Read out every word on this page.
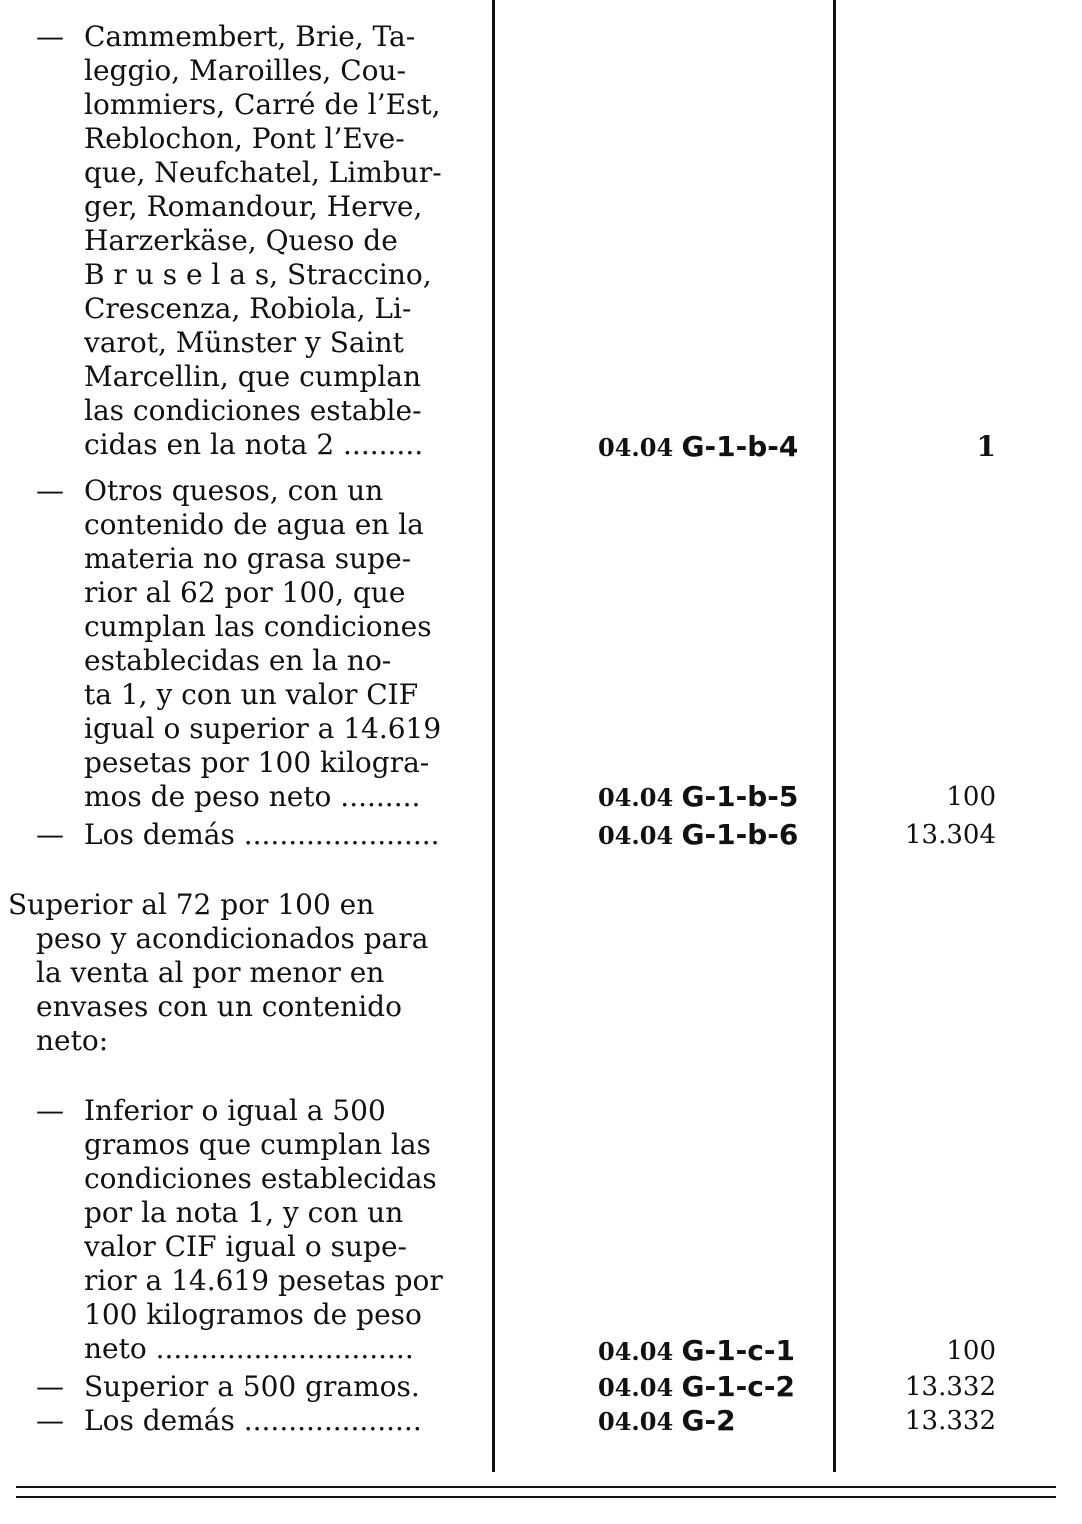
— Cammembert, Brie, Ta-
leggio, Maroilles, Cou-
lommiers, Carré de l’Est,
Reblochon, Pont l’Eve-
que, Neufchatel, Limbur-
ger, Romandour, Herve,
Harzerkäse, Queso de
B r u s e l a s, Straccino,
Crescenza, Robiola, Li-
varot, Münster y Saint
Marcellin, que cumplan
las condiciones estable-
cidas en la nota 2 .........	04.04 G-1-b-4	1
— Otros quesos, con un
contenido de agua en la
materia no grasa supe-
rior al 62 por 100, que
cumplan las condiciones
establecidas en la no-
ta 1, y con un valor CIF
igual o superior a 14.619
pesetas por 100 kilogra-
mos de peso neto .........	04.04 G-1-b-5	100
— Los demás ......................	04.04 G-1-b-6	13.304
Superior al 72 por 100 en
peso y acondicionados para
la venta al por menor en
envases con un contenido
neto:
— Inferior o igual a 500
gramos que cumplan las
condiciones establecidas
por la nota 1, y con un
valor CIF igual o supe-
rior a 14.619 pesetas por
100 kilogramos de peso
neto .............................	04.04 G-1-c-1	100
— Superior a 500 gramos.	04.04 G-1-c-2	13.332
— Los demás ....................	04.04 G-2	13.332
